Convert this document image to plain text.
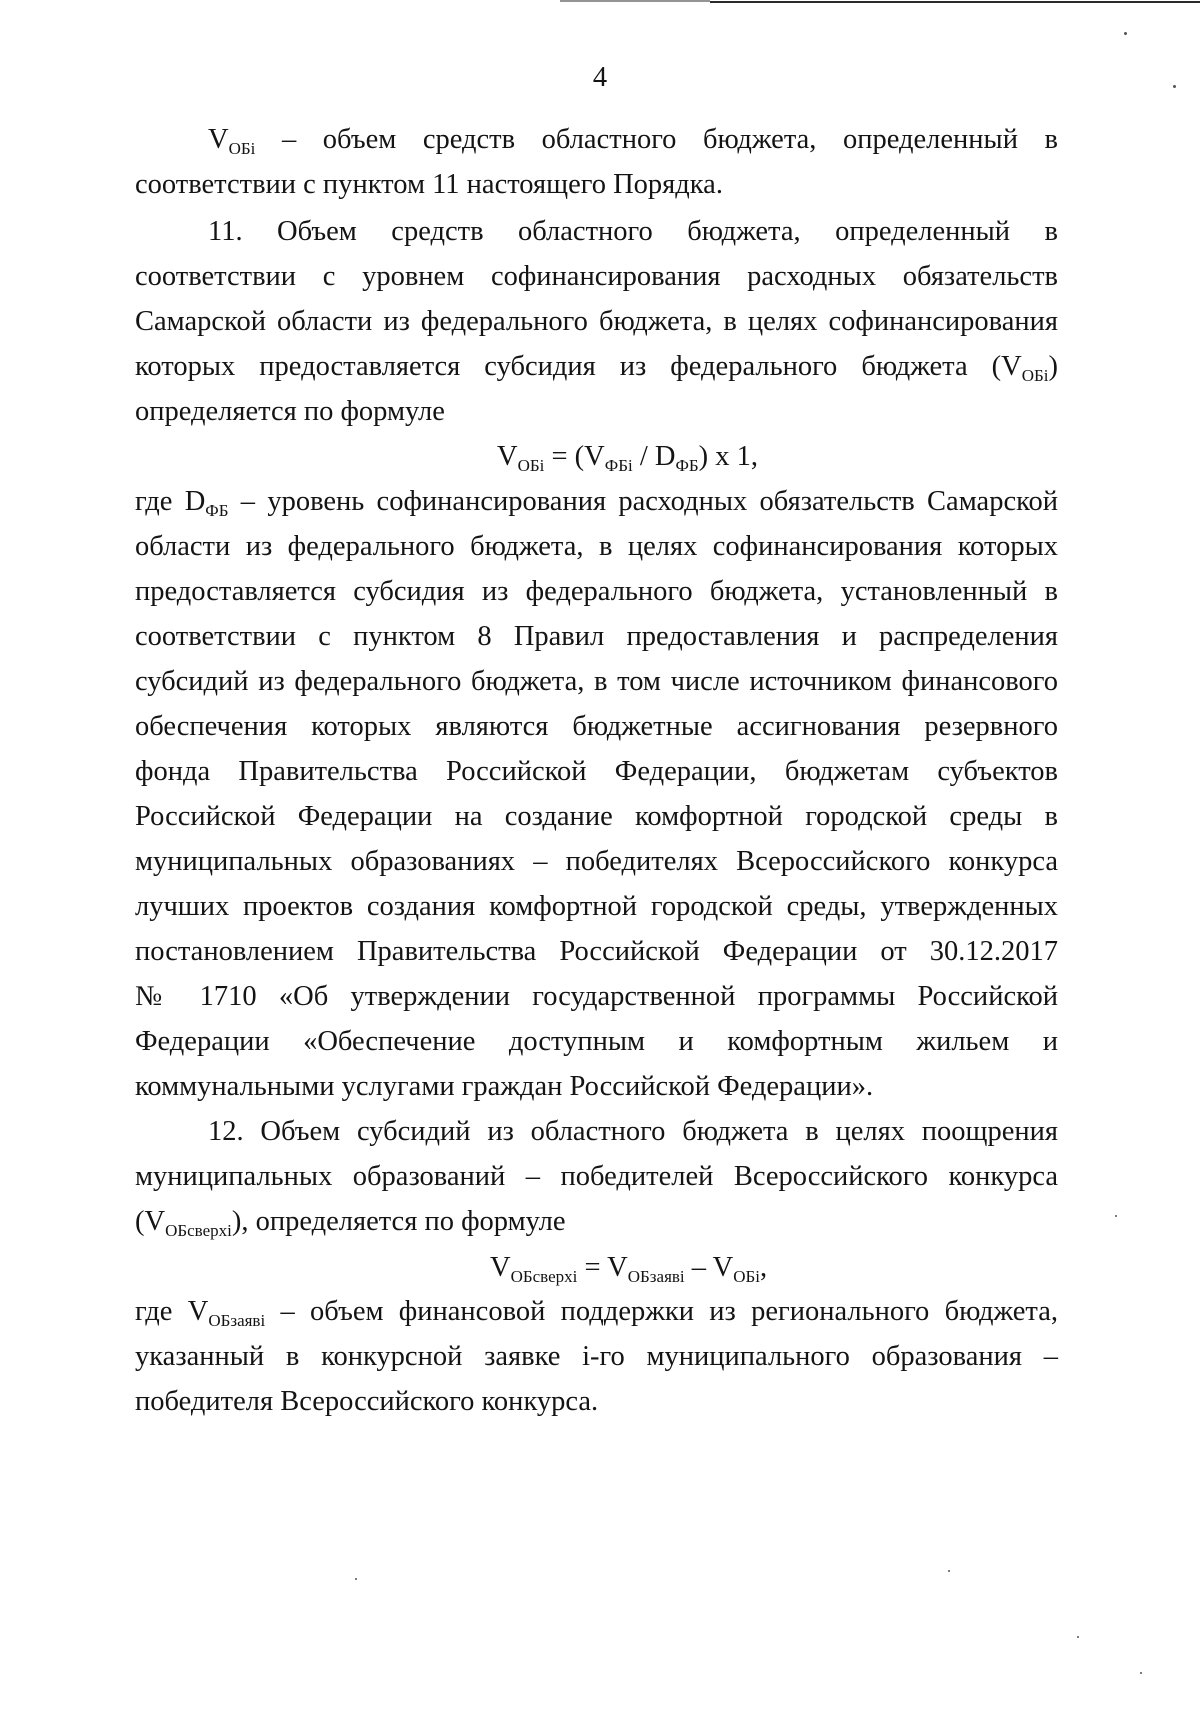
4
$V_{ОБi}$ – объем средств областного бюджета, определенный в
соответствии с пунктом 11 настоящего Порядка.
11. Объем средств областного бюджета, определенный в
соответствии с уровнем софинансирования расходных обязательств
Самарской области из федерального бюджета, в целях софинансирования
которых предоставляется субсидия из федерального бюджета $(V_{ОБi})$
определяется по формуле
$V_{ОБi} = (V_{ФБi} / D_{ФБ})$ x 1,
где $D_{ФБ}$ – уровень софинансирования расходных обязательств Самарской
области из федерального бюджета, в целях софинансирования которых
предоставляется субсидия из федерального бюджета, установленный в
соответствии с пунктом 8 Правил предоставления и распределения
субсидий из федерального бюджета, в том числе источником финансового
обеспечения которых являются бюджетные ассигнования резервного
фонда Правительства Российской Федерации, бюджетам субъектов
Российской Федерации на создание комфортной городской среды в
муниципальных образованиях – победителях Всероссийского конкурса
лучших проектов создания комфортной городской среды, утвержденных
постановлением Правительства Российской Федерации от 30.12.2017
№ 1710 «Об утверждении государственной программы Российской
Федерации «Обеспечение доступным и комфортным жильем и
коммунальными услугами граждан Российской Федерации».
12. Объем субсидий из областного бюджета в целях поощрения
муниципальных образований – победителей Всероссийского конкурса
$(V_{ОБсверхi})$, определяется по формуле
$V_{ОБсверхi} = V_{ОБзаявi} - V_{ОБi}$,
где $V_{ОБзаявi}$ – объем финансовой поддержки из регионального бюджета,
указанный в конкурсной заявке i-го муниципального образования –
победителя Всероссийского конкурса.
